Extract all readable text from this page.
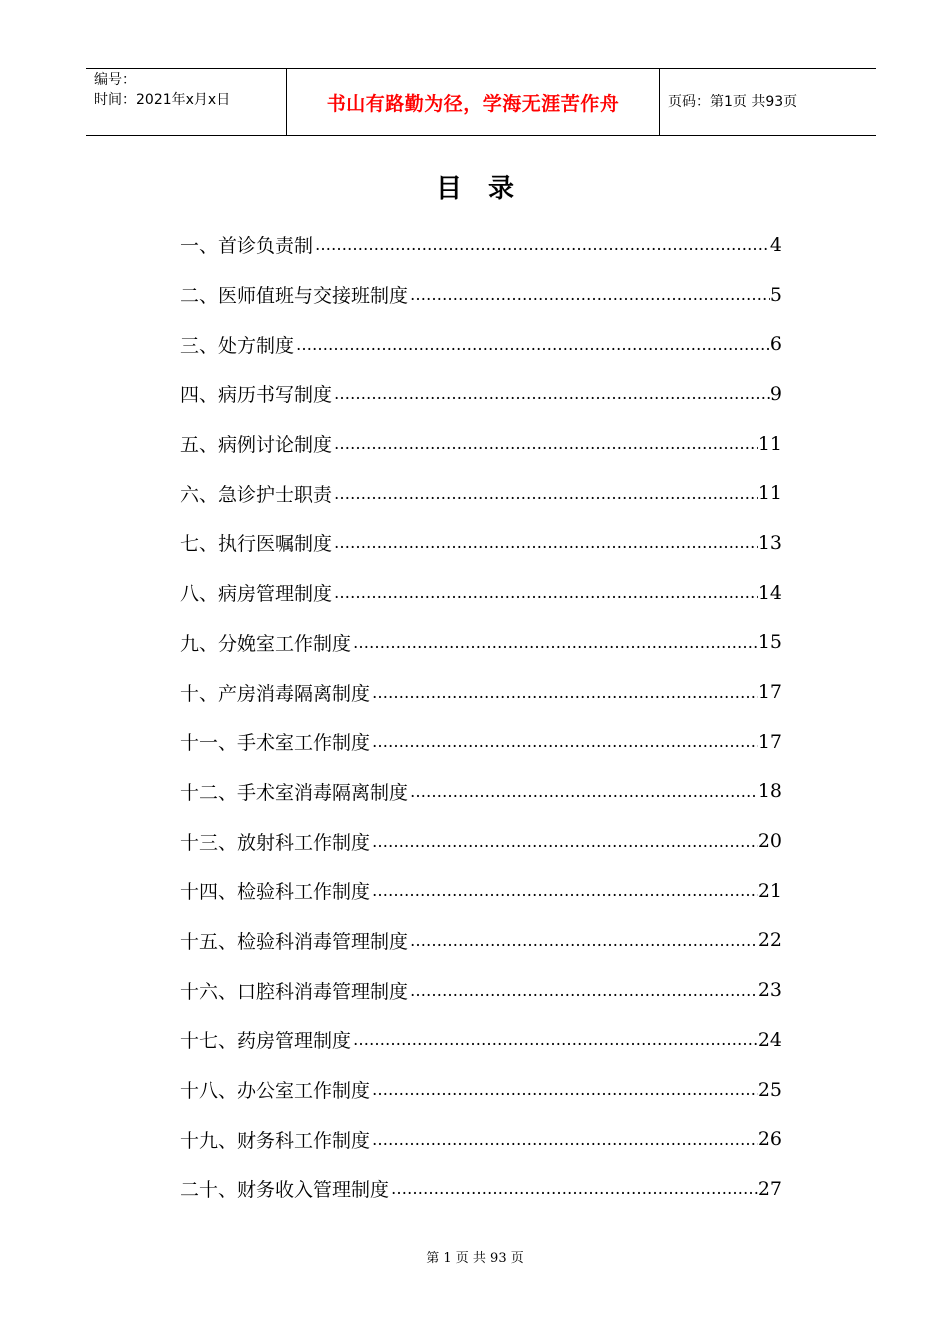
编号：
时间：2021年x月x日	书山有路勤为径，学海无涯苦作舟	页码：第1页 共93页
目录
一、首诊负责制 …………………………………………………………………………………………………………………………………………	4
二、医师值班与交接班制度 …………………………………………………………………………………………………………………………………………	5
三、处方制度 …………………………………………………………………………………………………………………………………………	6
四、病历书写制度 …………………………………………………………………………………………………………………………………………	9
五、病例讨论制度 …………………………………………………………………………………………………………………………………………	11
六、急诊护士职责 …………………………………………………………………………………………………………………………………………	11
七、执行医嘱制度 …………………………………………………………………………………………………………………………………………	13
八、病房管理制度 …………………………………………………………………………………………………………………………………………	14
九、分娩室工作制度 …………………………………………………………………………………………………………………………………………	15
十、产房消毒隔离制度 …………………………………………………………………………………………………………………………………………	17
十一、手术室工作制度 …………………………………………………………………………………………………………………………………………	17
十二、手术室消毒隔离制度 …………………………………………………………………………………………………………………………………………	18
十三、放射科工作制度 …………………………………………………………………………………………………………………………………………	20
十四、检验科工作制度 …………………………………………………………………………………………………………………………………………	21
十五、检验科消毒管理制度 …………………………………………………………………………………………………………………………………………	22
十六、口腔科消毒管理制度 …………………………………………………………………………………………………………………………………………	23
十七、药房管理制度 …………………………………………………………………………………………………………………………………………	24
十八、办公室工作制度 …………………………………………………………………………………………………………………………………………	25
十九、财务科工作制度 …………………………………………………………………………………………………………………………………………	26
二十、财务收入管理制度 …………………………………………………………………………………………………………………………………………	27
第 1 页 共 93 页
